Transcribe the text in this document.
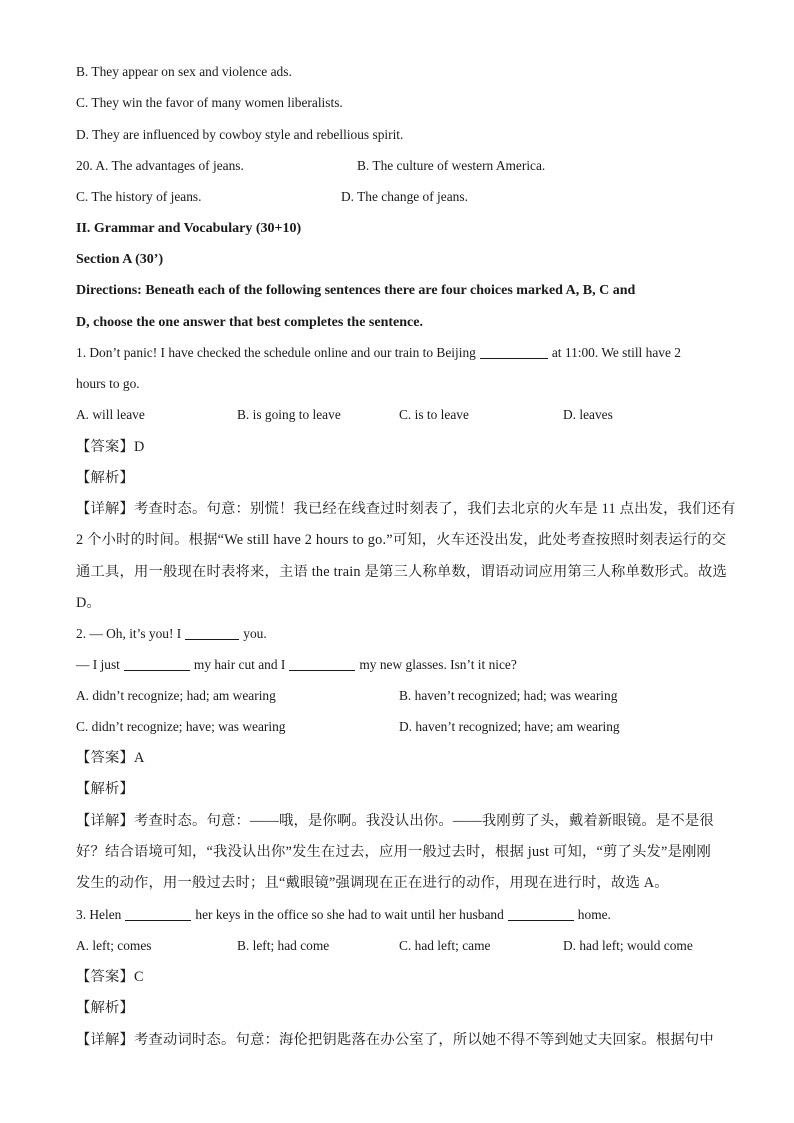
B. They appear on sex and violence ads.
C. They win the favor of many women liberalists.
D. They are influenced by cowboy style and rebellious spirit.
20. A. The advantages of jeans.	B. The culture of western America.
C. The history of jeans.	D. The change of jeans.
II. Grammar and Vocabulary (30+10)
Section A (30’)
Directions: Beneath each of the following sentences there are four choices marked A, B, C and
D, choose the one answer that best completes the sentence.
1. Don’t panic! I have checked the schedule online and our train to Beijing	at 11:00. We still have 2
hours to go.
A. will leave	B. is going to leave	C. is to leave	D. leaves
【答案】D
【解析】
【详解】考查时态。句意：别慌！我已经在线查过时刻表了，我们去北京的火车是 11 点出发，我们还有
2 个小时的时间。根据“We still have 2 hours to go.”可知，火车还没出发，此处考查按照时刻表运行的交
通工具，用一般现在时表将来，主语 the train 是第三人称单数，谓语动词应用第三人称单数形式。故选
D。
2. — Oh, it’s you! I	you.
— I just	my hair cut and I	my new glasses. Isn’t it nice?
A. didn’t recognize; had; am wearing	B. haven’t recognized; had; was wearing
C. didn’t recognize; have; was wearing	D. haven’t recognized; have; am wearing
【答案】A
【解析】
【详解】考查时态。句意：——哦，是你啊。我没认出你。——我刚剪了头，戴着新眼镜。是不是很
好？结合语境可知，“我没认出你”发生在过去，应用一般过去时，根据 just 可知，“剪了头发”是刚刚
发生的动作，用一般过去时；且“戴眼镜”强调现在正在进行的动作，用现在进行时，故选 A。
3. Helen	her keys in the office so she had to wait until her husband	home.
A. left; comes	B. left; had come	C. had left; came	D. had left; would come
【答案】C
【解析】
【详解】考查动词时态。句意：海伦把钥匙落在办公室了，所以她不得不等到她丈夫回家。根据句中
